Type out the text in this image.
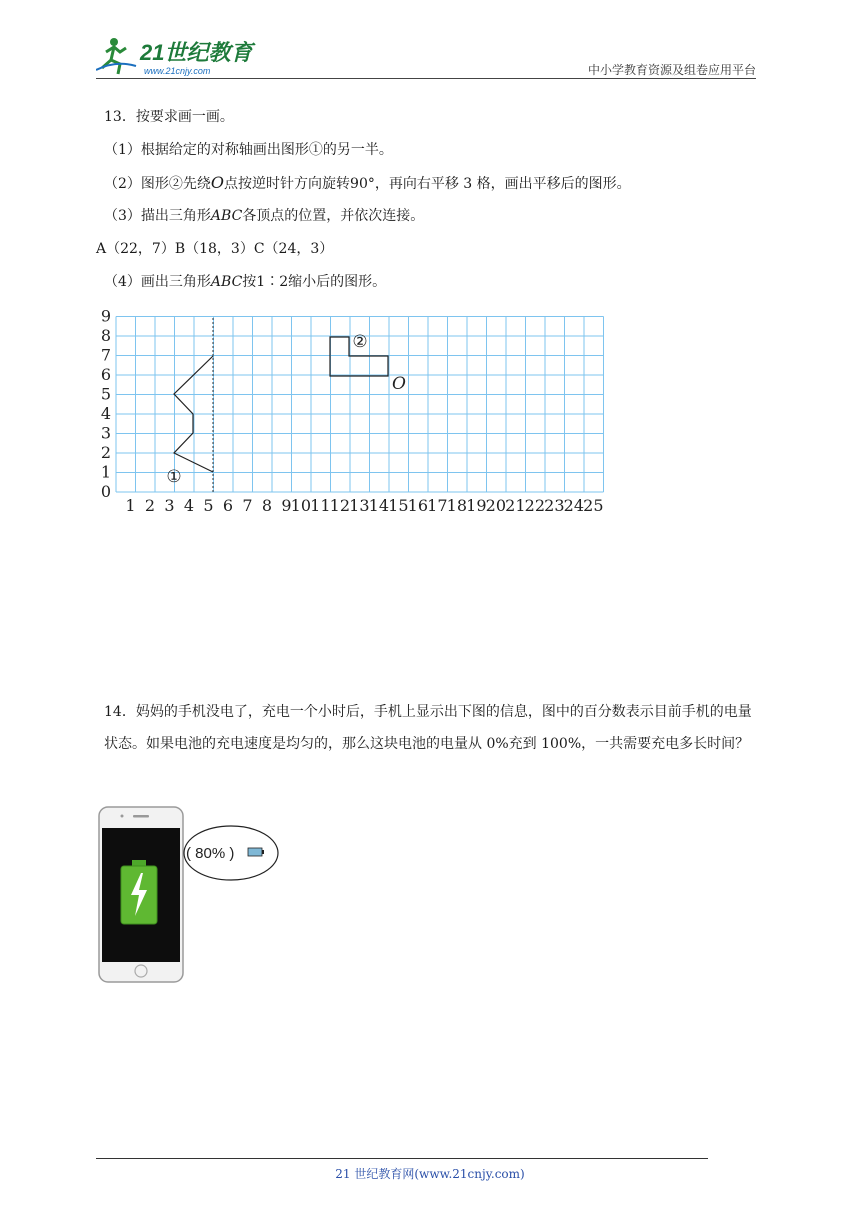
21世纪教育
www.21cnjy.com	中小学教育资源及组卷应用平台
13．按要求画一画。
（1）根据给定的对称轴画出图形①的另一半。
（2）图形②先绕O点按逆时针方向旋转90°，再向右平移 3 格，画出平移后的图形。
（3）描出三角形ABC各顶点的位置，并依次连接。
A（22，7）B（18，3）C（24，3）
（4）画出三角形ABC按1∶2缩小后的图形。
1 2 3 4 5 6 7 8 9 10 11 12 13 14 15 16 17 18 19 20 21 22 23 24 25
0
1
2
3
4
5
6
7
8
9
①
②
O
14．妈妈的手机没电了，充电一个小时后，手机上显示出下图的信息，图中的百分数表示目前手机的电量状态。如果电池的充电速度是均匀的，那么这块电池的电量从 0%充到 100%，一共需要充电多长时间？
( 80% )
21 世纪教育网(www.21cnjy.com)
